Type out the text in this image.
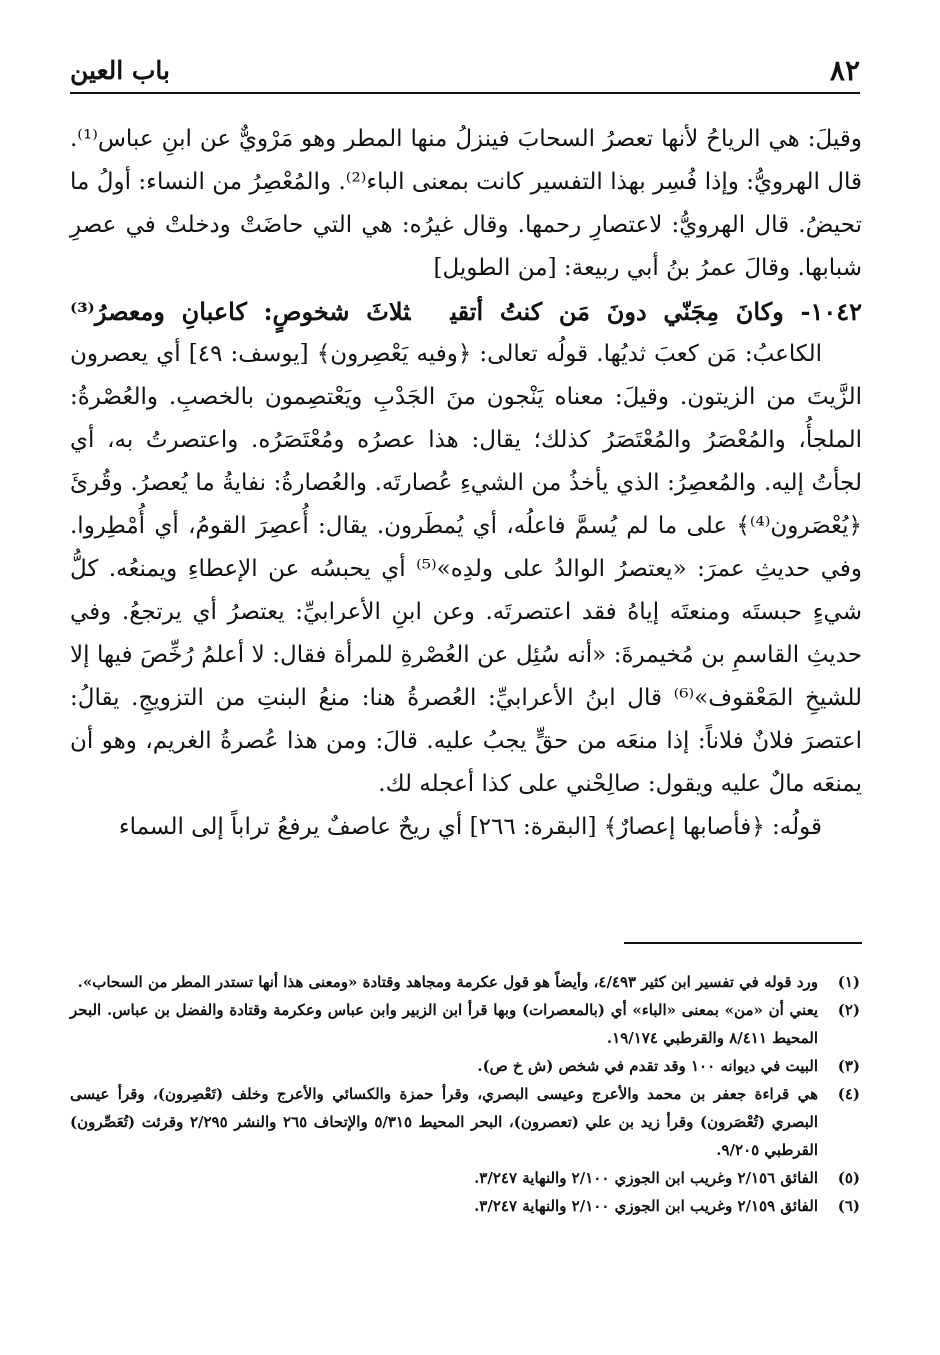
٨٢
باب العين

وقيلَ: هي الرياحُ لأنها تعصرُ السحابَ فينزلُ منها المطر وهو مَرْويٌّ عن ابنِ عباس⁽¹⁾. قال الهرويُّ: وإذا فُسِر بهذا التفسير كانت بمعنى الباء⁽²⁾. والمُعْصِرُ من النساء: أولُ ما تحيضُ. قال الهرويُّ: لاعتصارِ رحمها. وقال غيرُه: هي التي حاضَتْ ودخلتْ في عصرِ شبابها. وقالَ عمرُ بنُ أبي ربيعة: [من الطويل]

١٠٤٢- وكانَ مِجَنّي دونَ مَن كنتُ أتقيثلاثَ شخوصٍ: كاعبانِ ومعصرُ⁽³⁾

الكاعبُ: مَن كعبَ ثديُها. قولُه تعالى: ﴿وفيه يَعْصِرون﴾ [يوسف: ٤٩] أي يعصرون الزَّيتَ من الزيتون. وقيلَ: معناه يَنْجون منَ الجَدْبِ ويَعْتصِمون بالخصبِ. والعُصْرةُ: الملجأُ، والمُعْصَرُ والمُعْتَصَرُ كذلك؛ يقال: هذا عصرُه ومُعْتَصَرُه. واعتصرتُ به، أي لجأتُ إليه. والمُعصِرُ: الذي يأخذُ من الشيءِ عُصارتَه. والعُصارةُ: نفايةُ ما يُعصرُ. وقُرئَ ﴿يُعْصَرون⁽⁴⁾﴾ على ما لم يُسمَّ فاعلُه، أي يُمطَرون. يقال: أُعصِرَ القومُ، أي أُمْطِروا. وفي حديثِ عمرَ: «يعتصرُ الوالدُ على ولدِه»⁽⁵⁾ أي يحبسُه عن الإعطاءِ ويمنعُه. كلُّ شيءٍ حبستَه ومنعتَه إياهُ فقد اعتصرتَه. وعن ابنِ الأعرابيِّ: يعتصرُ أي يرتجعُ. وفي حديثِ القاسمِ بن مُخيمرةَ: «أنه سُئِل عن العُصْرةِ للمرأة فقال: لا أعلمُ رُخِّصَ فيها إلا للشيخِ المَعْقوف»⁽⁶⁾ قال ابنُ الأعرابيِّ: العُصرةُ هنا: منعُ البنتِ من التزويجِ. يقالُ: اعتصرَ فلانٌ فلاناً: إذا منعَه من حقٍّ يجبُ عليه. قالَ: ومن هذا عُصرةُ الغريم، وهو أن يمنعَه مالٌ عليه ويقول: صالِحْني على كذا أعجله لك.

قولُه: ﴿فأصابها إعصارٌ﴾ [البقرة: ٢٦٦] أي ريحٌ عاصفٌ يرفعُ تراباً إلى السماء

(١)
ورد قوله في تفسير ابن كثير ٤/٤٩٣، وأيضاً هو قول عكرمة ومجاهد وقتادة «ومعنى هذا أنها تستدر المطر من السحاب».
(٢)
يعني أن «من» بمعنى «الباء» أي (بالمعصرات) وبها قرأ ابن الزبير وابن عباس وعكرمة وقتادة والفضل بن عباس. البحر المحيط ٨/٤١١ والقرطبي ١٩/١٧٤.
(٣)
البيت في ديوانه ١٠٠ وقد تقدم في شخص (ش خ ص).
(٤)
هي قراءة جعفر بن محمد والأعرج وعيسى البصري، وقرأ حمزة والكسائي والأعرج وخلف (تَعْصِرون)، وقرأ عيسى البصري (تُعْصَرون) وقرأ زيد بن علي (تعصرون)، البحر المحيط ٥/٣١٥ والإتحاف ٢٦٥ والنشر ٢/٢٩٥ وقرئت (تُعَصِّرون) القرطبي ٩/٢٠٥.
(٥)
الفائق ٢/١٥٦ وغريب ابن الجوزي ٢/١٠٠ والنهاية ٣/٢٤٧.
(٦)
الفائق ٢/١٥٩ وغريب ابن الجوزي ٢/١٠٠ والنهاية ٣/٢٤٧.
